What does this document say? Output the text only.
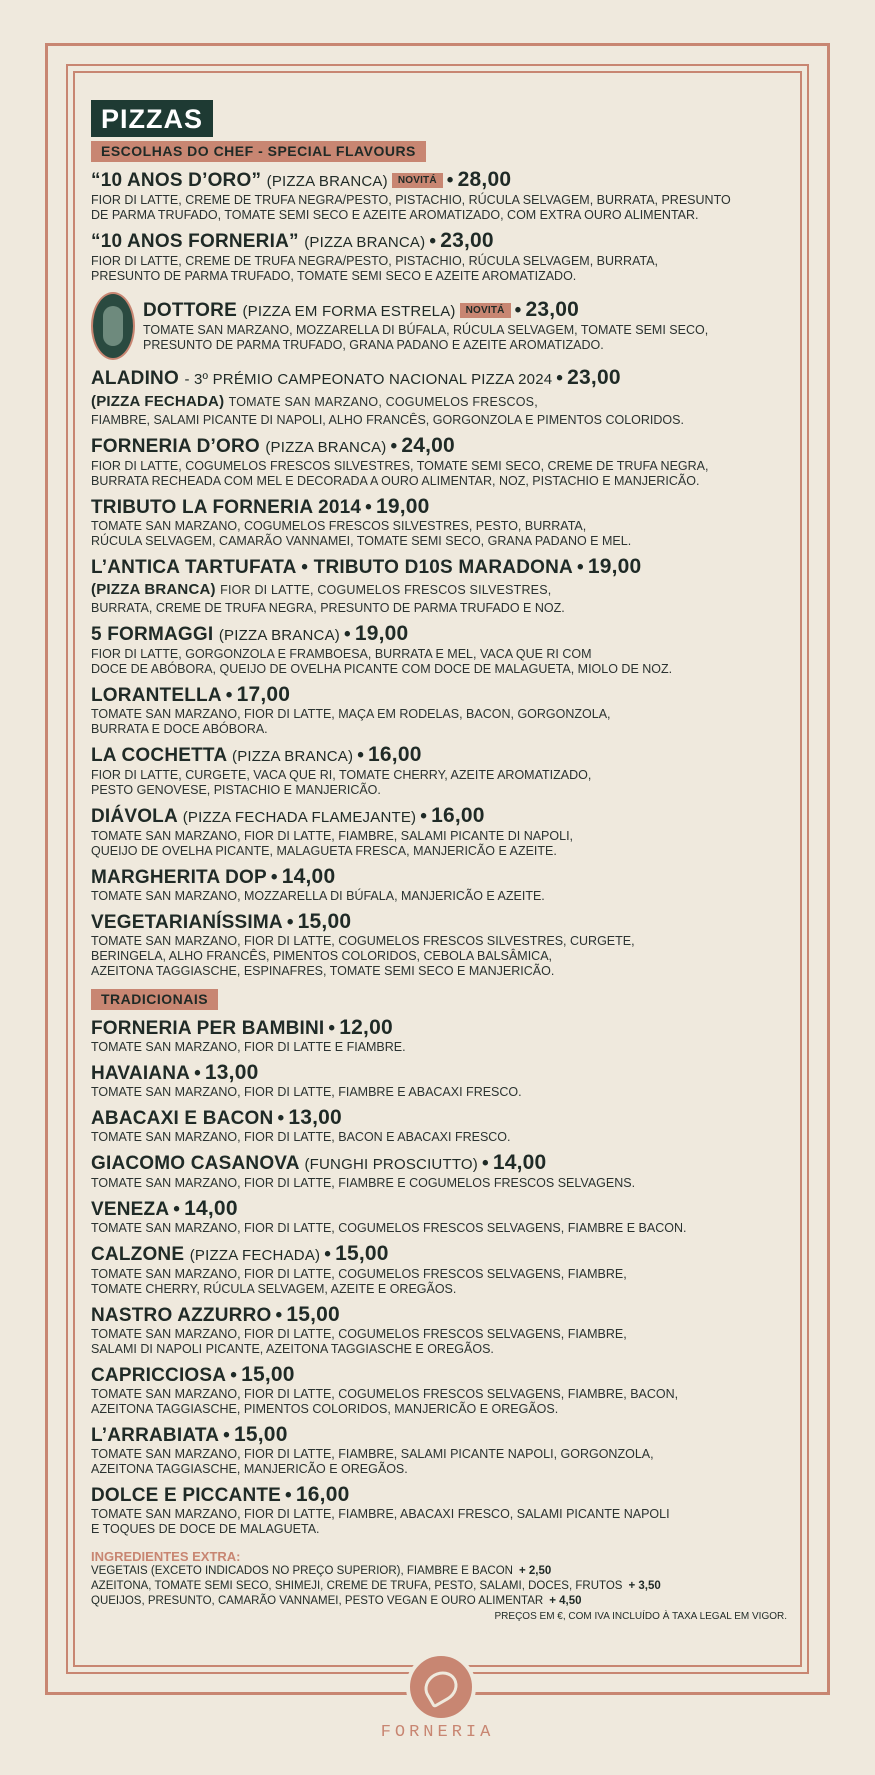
PIZZAS
ESCOLHAS DO CHEF - SPECIAL FLAVOURS
“10 ANOS D’ORO” (PIZZA BRANCA) NOVITÁ • 28,00
FIOR DI LATTE, CREME DE TRUFA NEGRA/PESTO, PISTACHIO, RÚCULA SELVAGEM, BURRATA, PRESUNTO
DE PARMA TRUFADO, TOMATE SEMI SECO E AZEITE AROMATIZADO, COM EXTRA OURO ALIMENTAR.
“10 ANOS FORNERIA” (PIZZA BRANCA) • 23,00
FIOR DI LATTE, CREME DE TRUFA NEGRA/PESTO, PISTACHIO, RÚCULA SELVAGEM, BURRATA,
PRESUNTO DE PARMA TRUFADO, TOMATE SEMI SECO E AZEITE AROMATIZADO.
DOTTORE (PIZZA EM FORMA ESTRELA) NOVITÁ • 23,00
TOMATE SAN MARZANO, MOZZARELLA DI BÚFALA, RÚCULA SELVAGEM, TOMATE SEMI SECO,
PRESUNTO DE PARMA TRUFADO, GRANA PADANO E AZEITE AROMATIZADO.
ALADINO - 3º PRÉMIO CAMPEONATO NACIONAL PIZZA 2024 • 23,00
(PIZZA FECHADA) TOMATE SAN MARZANO, COGUMELOS FRESCOS,
FIAMBRE, SALAMI PICANTE DI NAPOLI, ALHO FRANCÊS, GORGONZOLA E PIMENTOS COLORIDOS.
FORNERIA D’ORO (PIZZA BRANCA) • 24,00
FIOR DI LATTE, COGUMELOS FRESCOS SILVESTRES, TOMATE SEMI SECO, CREME DE TRUFA NEGRA,
BURRATA RECHEADA COM MEL E DECORADA A OURO ALIMENTAR, NOZ, PISTACHIO E MANJERICÃO.
TRIBUTO LA FORNERIA 2014 • 19,00
TOMATE SAN MARZANO, COGUMELOS FRESCOS SILVESTRES, PESTO, BURRATA,
RÚCULA SELVAGEM, CAMARÃO VANNAMEI, TOMATE SEMI SECO, GRANA PADANO E MEL.
L’ANTICA TARTUFATA • TRIBUTO D10S MARADONA • 19,00
(PIZZA BRANCA) FIOR DI LATTE, COGUMELOS FRESCOS SILVESTRES,
BURRATA, CREME DE TRUFA NEGRA, PRESUNTO DE PARMA TRUFADO E NOZ.
5 FORMAGGI (PIZZA BRANCA) • 19,00
FIOR DI LATTE, GORGONZOLA E FRAMBOESA, BURRATA E MEL, VACA QUE RI COM
DOCE DE ABÓBORA, QUEIJO DE OVELHA PICANTE COM DOCE DE MALAGUETA, MIOLO DE NOZ.
LORANTELLA • 17,00
TOMATE SAN MARZANO, FIOR DI LATTE, MAÇA EM RODELAS, BACON, GORGONZOLA,
BURRATA E DOCE ABÓBORA.
LA COCHETTA (PIZZA BRANCA) • 16,00
FIOR DI LATTE, CURGETE, VACA QUE RI, TOMATE CHERRY, AZEITE AROMATIZADO,
PESTO GENOVESE, PISTACHIO E MANJERICÃO.
DIÁVOLA (PIZZA FECHADA FLAMEJANTE) • 16,00
TOMATE SAN MARZANO, FIOR DI LATTE, FIAMBRE, SALAMI PICANTE DI NAPOLI,
QUEIJO DE OVELHA PICANTE, MALAGUETA FRESCA, MANJERICÃO E AZEITE.
MARGHERITA DOP • 14,00
TOMATE SAN MARZANO, MOZZARELLA DI BÚFALA, MANJERICÃO E AZEITE.
VEGETARIANÍSSIMA • 15,00
TOMATE SAN MARZANO, FIOR DI LATTE, COGUMELOS FRESCOS SILVESTRES, CURGETE,
BERINGELA, ALHO FRANCÊS, PIMENTOS COLORIDOS, CEBOLA BALSÂMICA,
AZEITONA TAGGIASCHE, ESPINAFRES, TOMATE SEMI SECO E MANJERICÃO.
TRADICIONAIS
FORNERIA PER BAMBINI • 12,00
TOMATE SAN MARZANO, FIOR DI LATTE E FIAMBRE.
HAVAIANA • 13,00
TOMATE SAN MARZANO, FIOR DI LATTE, FIAMBRE E ABACAXI FRESCO.
ABACAXI E BACON • 13,00
TOMATE SAN MARZANO, FIOR DI LATTE, BACON E ABACAXI FRESCO.
GIACOMO CASANOVA (FUNGHI PROSCIUTTO) • 14,00
TOMATE SAN MARZANO, FIOR DI LATTE, FIAMBRE E COGUMELOS FRESCOS SELVAGENS.
VENEZA • 14,00
TOMATE SAN MARZANO, FIOR DI LATTE, COGUMELOS FRESCOS SELVAGENS, FIAMBRE E BACON.
CALZONE (PIZZA FECHADA) • 15,00
TOMATE SAN MARZANO, FIOR DI LATTE, COGUMELOS FRESCOS SELVAGENS, FIAMBRE,
TOMATE CHERRY, RÚCULA SELVAGEM, AZEITE E OREGÃOS.
NASTRO AZZURRO • 15,00
TOMATE SAN MARZANO, FIOR DI LATTE, COGUMELOS FRESCOS SELVAGENS, FIAMBRE,
SALAMI DI NAPOLI PICANTE, AZEITONA TAGGIASCHE E OREGÃOS.
CAPRICCIOSA • 15,00
TOMATE SAN MARZANO, FIOR DI LATTE, COGUMELOS FRESCOS SELVAGENS, FIAMBRE, BACON,
AZEITONA TAGGIASCHE, PIMENTOS COLORIDOS, MANJERICÃO E OREGÃOS.
L’ARRABIATA • 15,00
TOMATE SAN MARZANO, FIOR DI LATTE, FIAMBRE, SALAMI PICANTE NAPOLI, GORGONZOLA,
AZEITONA TAGGIASCHE, MANJERICÃO E OREGÃOS.
DOLCE E PICCANTE • 16,00
TOMATE SAN MARZANO, FIOR DI LATTE, FIAMBRE, ABACAXI FRESCO, SALAMI PICANTE NAPOLI
E TOQUES DE DOCE DE MALAGUETA.
INGREDIENTES EXTRA:
VEGETAIS (EXCETO INDICADOS NO PREÇO SUPERIOR), FIAMBRE E BACON + 2,50
AZEITONA, TOMATE SEMI SECO, SHIMEJI, CREME DE TRUFA, PESTO, SALAMI, DOCES, FRUTOS + 3,50
QUEIJOS, PRESUNTO, CAMARÃO VANNAMEI, PESTO VEGAN E OURO ALIMENTAR + 4,50
PREÇOS EM €, COM IVA INCLUÍDO À TAXA LEGAL EM VIGOR.
FORNERIA
